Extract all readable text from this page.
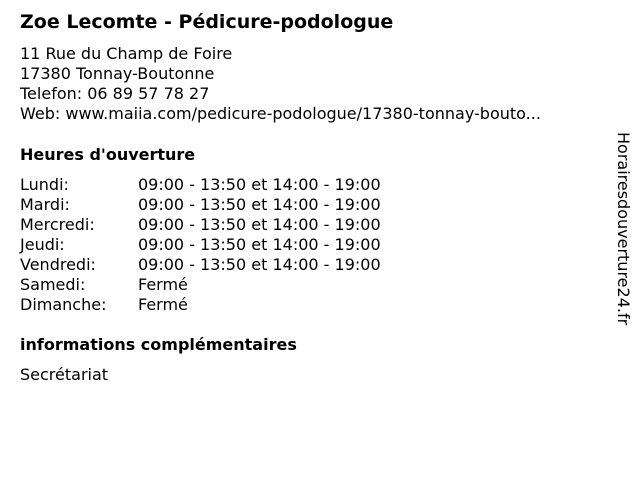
Zoe Lecomte - Pédicure-podologue
11 Rue du Champ de Foire
17380 Tonnay-Boutonne
Telefon: 06 89 57 78 27
Web: www.maiia.com/pedicure-podologue/17380-tonnay-bouto...
Heures d'ouverture
Lundi:	09:00 - 13:50 et 14:00 - 19:00
Mardi:	09:00 - 13:50 et 14:00 - 19:00
Mercredi:	09:00 - 13:50 et 14:00 - 19:00
Jeudi:	09:00 - 13:50 et 14:00 - 19:00
Vendredi:	09:00 - 13:50 et 14:00 - 19:00
Samedi:	Fermé
Dimanche: Fermé
informations complémentaires
Secrétariat
Horairesdouverture24.fr
